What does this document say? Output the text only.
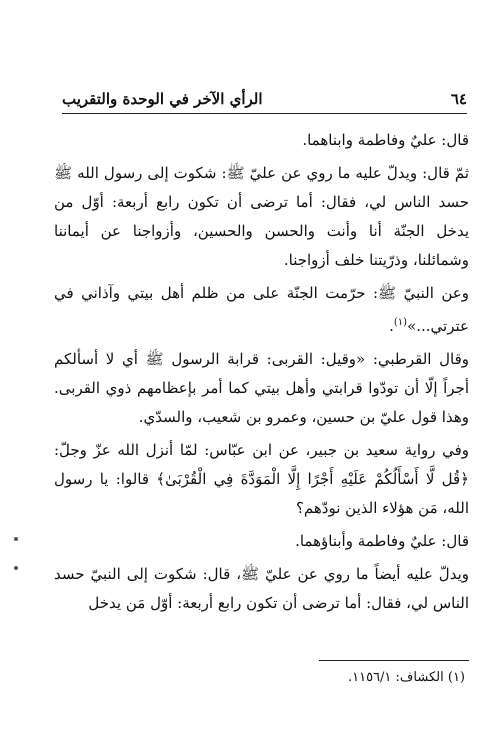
٦٤
الرأي الآخر في الوحدة والتقريب

قال: عليٌ وفاطمة وابناهما.

ثمّ قال: ويدلّ عليه ما روي عن عليّ ﷺ: شكوت إلى رسول الله ﷺ حسد الناس لي، فقال: أما ترضى أن تكون رابع أربعة: أوّل من يدخل الجنّة أنا وأنت والحسن والحسين، وأزواجنا عن أيماننا وشمائلنا، وذرّيتنا خلف أزواجنا.

وعن النبيّ ﷺ: حرّمت الجنّة على من ظلم أهل بيتي وآذاني في عترتي...»$^{(١)}$.

وقال القرطبي: «وقيل: القربى: قرابة الرسول ﷺ أي لا أسألكم أجراً إلّا أن تودّوا قرابتي وأهل بيتي كما أمر بإعظامهم ذوي القربى. وهذا قول عليّ بن حسين، وعمرو بن شعيب، والسدّي.

وفي رواية سعيد بن جبير، عن ابن عبّاس: لمّا أنزل الله عزّ وجلّ: ﴿قُل لَّا أَسْأَلُكُمْ عَلَيْهِ أَجْرًا إِلَّا الْمَوَدَّةَ فِي الْقُرْبَىٰ﴾ قالوا: يا رسول الله، مَن هؤلاء الذين نودّهم؟

قال: عليٌ وفاطمة وأبناؤهما.

ويدلّ عليه أيضاً ما روي عن عليّ ﷺ، قال: شكوت إلى النبيّ حسد الناس لي، فقال: أما ترضى أن تكون رابع أربعة: أوّل مَن يدخل

(١) الكشاف: ١١٥٦/١.
